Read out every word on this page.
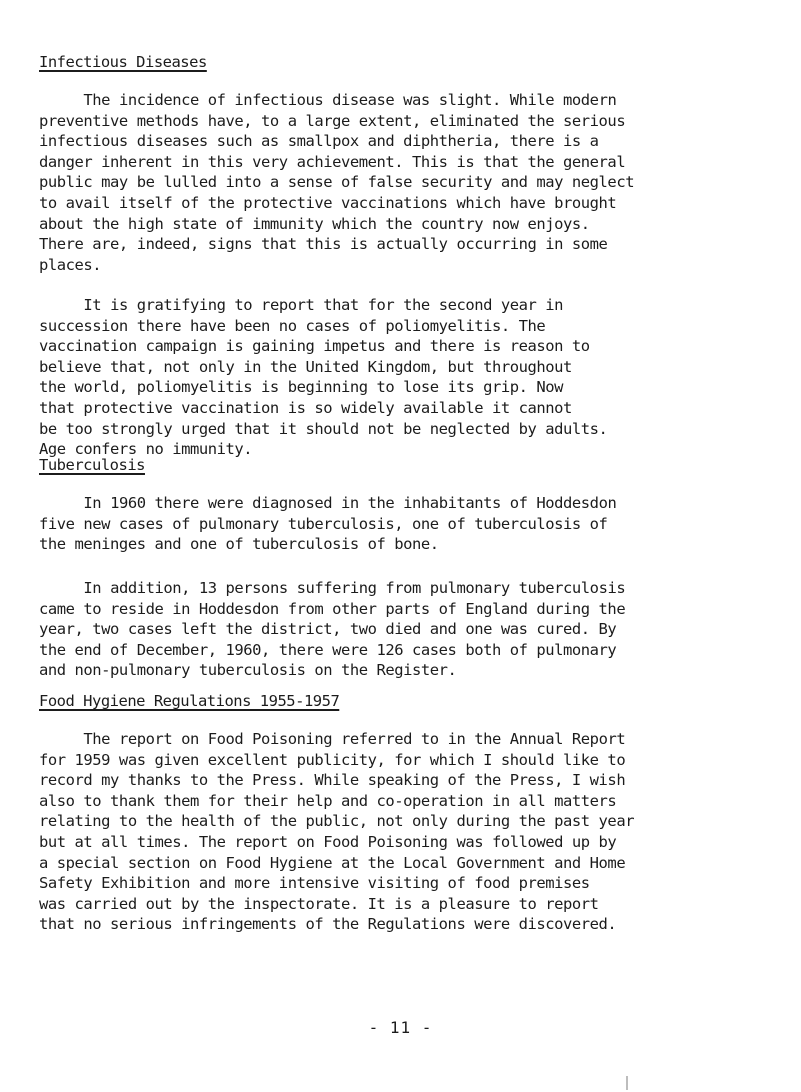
Infectious Diseases

The incidence of infectious disease was slight. While modern
preventive methods have, to a large extent, eliminated the serious
infectious diseases such as smallpox and diphtheria, there is a
danger inherent in this very achievement. This is that the general
public may be lulled into a sense of false security and may neglect
to avail itself of the protective vaccinations which have brought
about the high state of immunity which the country now enjoys.
There are, indeed, signs that this is actually occurring in some
places.

It is gratifying to report that for the second year in
succession there have been no cases of poliomyelitis. The
vaccination campaign is gaining impetus and there is reason to
believe that, not only in the United Kingdom, but throughout
the world, poliomyelitis is beginning to lose its grip. Now
that protective vaccination is so widely available it cannot
be too strongly urged that it should not be neglected by adults.
Age confers no immunity.

Tuberculosis

In 1960 there were diagnosed in the inhabitants of Hoddesdon
five new cases of pulmonary tuberculosis, one of tuberculosis of
the meninges and one of tuberculosis of bone.

In addition, 13 persons suffering from pulmonary tuberculosis
came to reside in Hoddesdon from other parts of England during the
year, two cases left the district, two died and one was cured. By
the end of December, 1960, there were 126 cases both of pulmonary
and non-pulmonary tuberculosis on the Register.

Food Hygiene Regulations 1955-1957

The report on Food Poisoning referred to in the Annual Report
for 1959 was given excellent publicity, for which I should like to
record my thanks to the Press. While speaking of the Press, I wish
also to thank them for their help and co-operation in all matters
relating to the health of the public, not only during the past year
but at all times. The report on Food Poisoning was followed up by
a special section on Food Hygiene at the Local Government and Home
Safety Exhibition and more intensive visiting of food premises
was carried out by the inspectorate. It is a pleasure to report
that no serious infringements of the Regulations were discovered.

- 11 -
